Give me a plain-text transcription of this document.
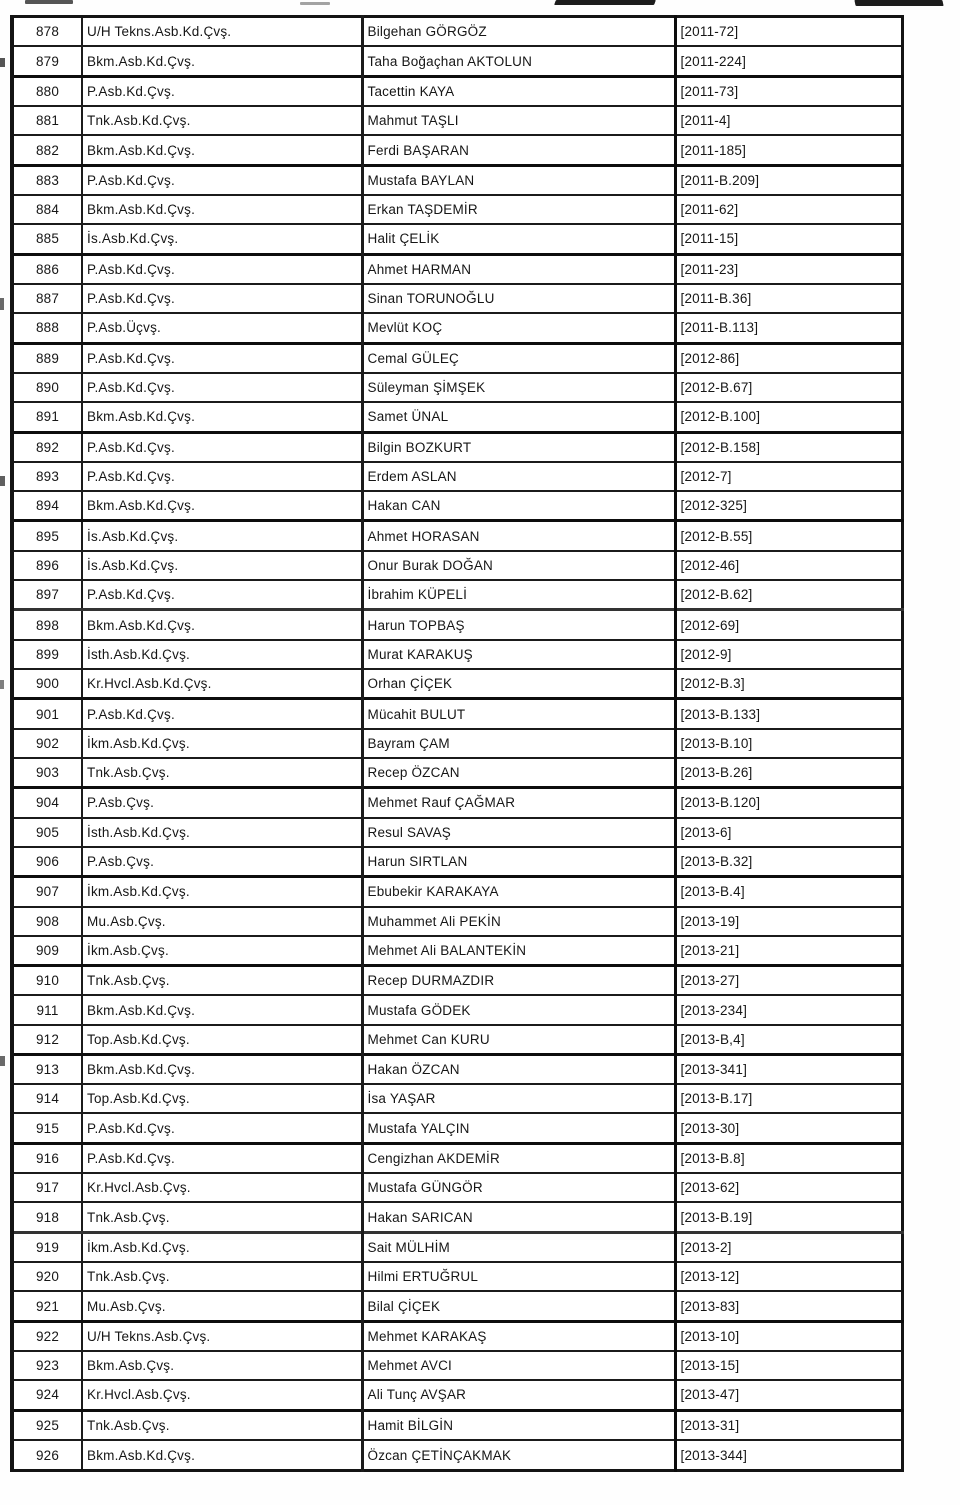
878	U/H Tekns.Asb.Kd.Çvş.	Bilgehan GÖRGÖZ	[2011-72]
879	Bkm.Asb.Kd.Çvş.	Taha Boğaçhan AKTOLUN	[2011-224]
880	P.Asb.Kd.Çvş.	Tacettin KAYA	[2011-73]
881	Tnk.Asb.Kd.Çvş.	Mahmut TAŞLI	[2011-4]
882	Bkm.Asb.Kd.Çvş.	Ferdi BAŞARAN	[2011-185]
883	P.Asb.Kd.Çvş.	Mustafa BAYLAN	[2011-B.209]
884	Bkm.Asb.Kd.Çvş.	Erkan TAŞDEMİR	[2011-62]
885	İs.Asb.Kd.Çvş.	Halit ÇELİK	[2011-15]
886	P.Asb.Kd.Çvş.	Ahmet HARMAN	[2011-23]
887	P.Asb.Kd.Çvş.	Sinan TORUNOĞLU	[2011-B.36]
888	P.Asb.Üçvş.	Mevlüt KOÇ	[2011-B.113]
889	P.Asb.Kd.Çvş.	Cemal GÜLEÇ	[2012-86]
890	P.Asb.Kd.Çvş.	Süleyman ŞİMŞEK	[2012-B.67]
891	Bkm.Asb.Kd.Çvş.	Samet ÜNAL	[2012-B.100]
892	P.Asb.Kd.Çvş.	Bilgin BOZKURT	[2012-B.158]
893	P.Asb.Kd.Çvş.	Erdem ASLAN	[2012-7]
894	Bkm.Asb.Kd.Çvş.	Hakan CAN	[2012-325]
895	İs.Asb.Kd.Çvş.	Ahmet HORASAN	[2012-B.55]
896	İs.Asb.Kd.Çvş.	Onur Burak DOĞAN	[2012-46]
897	P.Asb.Kd.Çvş.	İbrahim KÜPELİ	[2012-B.62]
898	Bkm.Asb.Kd.Çvş.	Harun TOPBAŞ	[2012-69]
899	İsth.Asb.Kd.Çvş.	Murat KARAKUŞ	[2012-9]
900	Kr.Hvcl.Asb.Kd.Çvş.	Orhan ÇİÇEK	[2012-B.3]
901	P.Asb.Kd.Çvş.	Mücahit BULUT	[2013-B.133]
902	İkm.Asb.Kd.Çvş.	Bayram ÇAM	[2013-B.10]
903	Tnk.Asb.Çvş.	Recep ÖZCAN	[2013-B.26]
904	P.Asb.Çvş.	Mehmet Rauf ÇAĞMAR	[2013-B.120]
905	İsth.Asb.Kd.Çvş.	Resul SAVAŞ	[2013-6]
906	P.Asb.Çvş.	Harun SIRTLAN	[2013-B.32]
907	İkm.Asb.Kd.Çvş.	Ebubekir KARAKAYA	[2013-B.4]
908	Mu.Asb.Çvş.	Muhammet Ali PEKİN	[2013-19]
909	İkm.Asb.Çvş.	Mehmet Ali BALANTEKİN	[2013-21]
910	Tnk.Asb.Çvş.	Recep DURMAZDIR	[2013-27]
911	Bkm.Asb.Kd.Çvş.	Mustafa GÖDEK	[2013-234]
912	Top.Asb.Kd.Çvş.	Mehmet Can KURU	[2013-B,4]
913	Bkm.Asb.Kd.Çvş.	Hakan ÖZCAN	[2013-341]
914	Top.Asb.Kd.Çvş.	İsa YAŞAR	[2013-B.17]
915	P.Asb.Kd.Çvş.	Mustafa YALÇIN	[2013-30]
916	P.Asb.Kd.Çvş.	Cengizhan AKDEMİR	[2013-B.8]
917	Kr.Hvcl.Asb.Çvş.	Mustafa GÜNGÖR	[2013-62]
918	Tnk.Asb.Çvş.	Hakan SARICAN	[2013-B.19]
919	İkm.Asb.Kd.Çvş.	Sait MÜLHİM	[2013-2]
920	Tnk.Asb.Çvş.	Hilmi ERTUĞRUL	[2013-12]
921	Mu.Asb.Çvş.	Bilal ÇİÇEK	[2013-83]
922	U/H Tekns.Asb.Çvş.	Mehmet KARAKAŞ	[2013-10]
923	Bkm.Asb.Çvş.	Mehmet AVCI	[2013-15]
924	Kr.Hvcl.Asb.Çvş.	Ali Tunç AVŞAR	[2013-47]
925	Tnk.Asb.Çvş.	Hamit BİLGİN	[2013-31]
926	Bkm.Asb.Kd.Çvş.	Özcan ÇETİNÇAKMAK	[2013-344]
